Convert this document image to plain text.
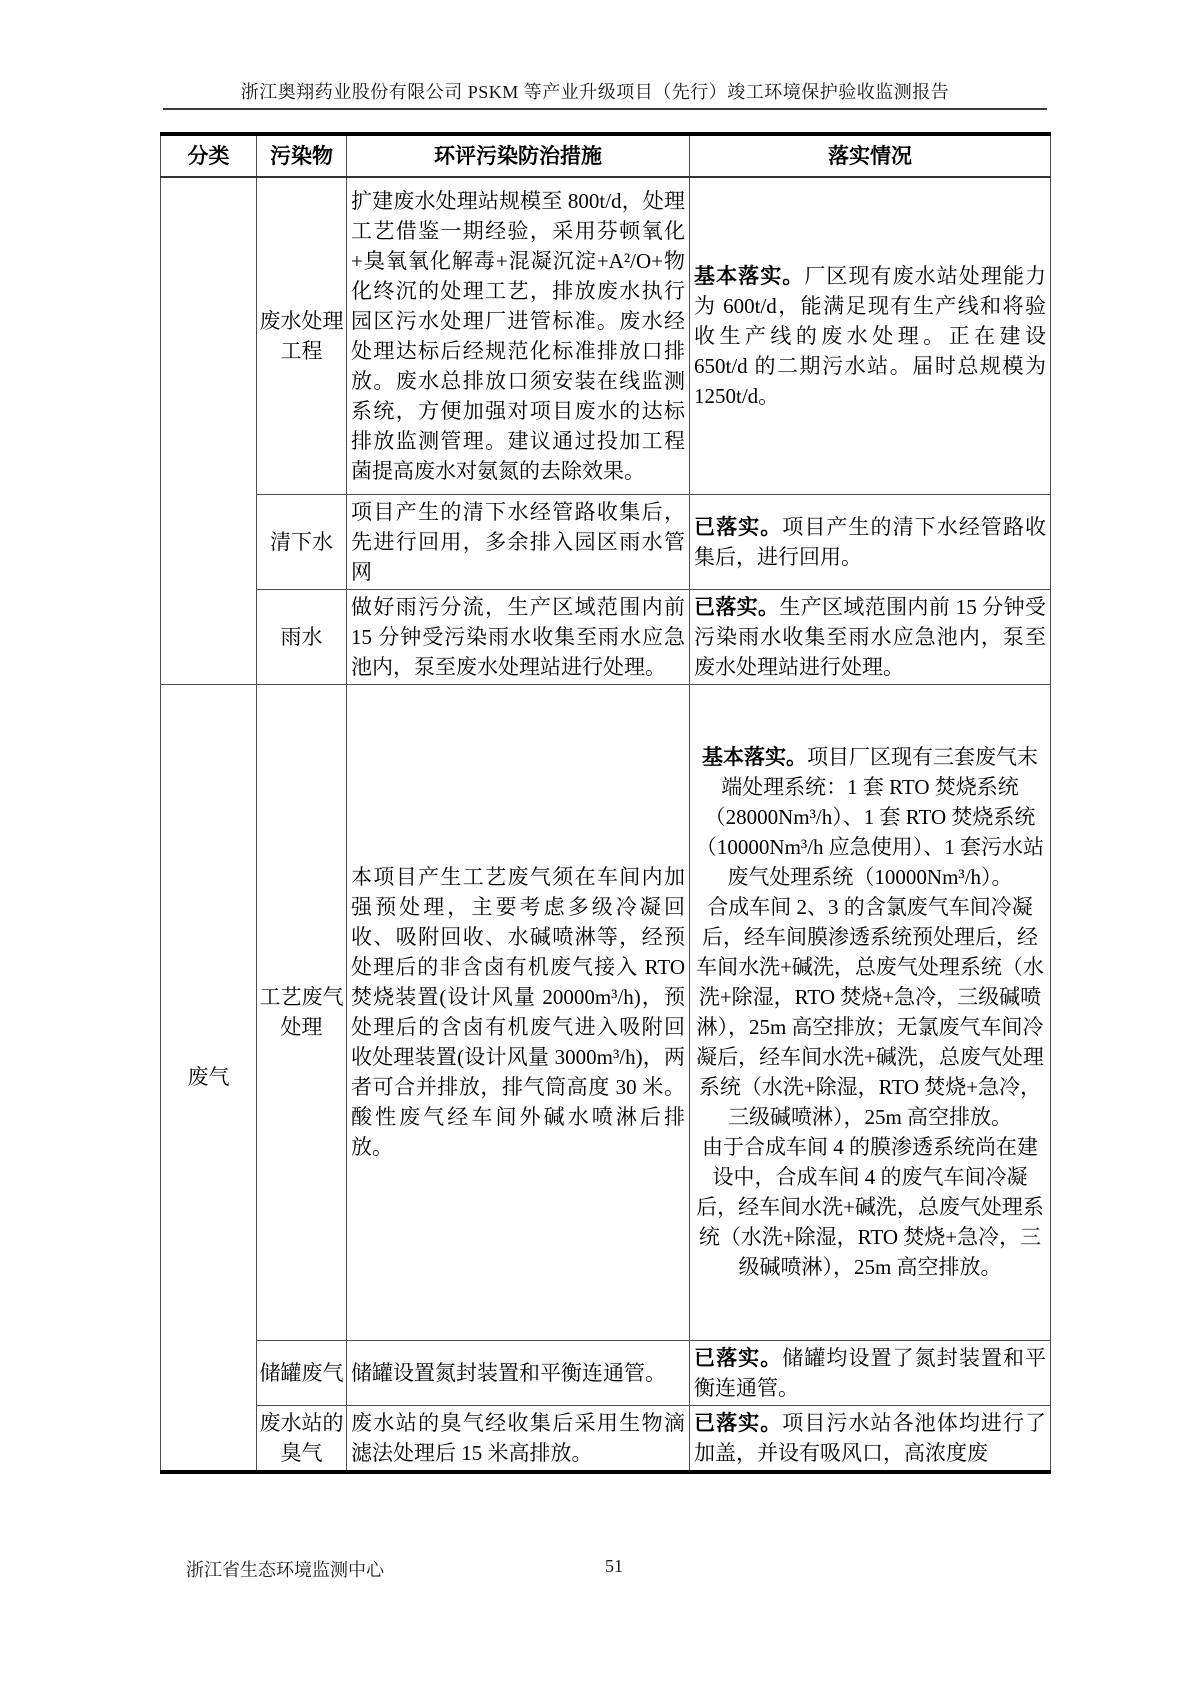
浙江奥翔药业股份有限公司 PSKM 等产业升级项目（先行）竣工环境保护验收监测报告
分类	污染物	环评污染防治措施	落实情况
	废水处理工程	扩建废水处理站规模至 800t/d，处理工艺借鉴一期经验，采用芬顿氧化+臭氧氧化解毒+混凝沉淀+A²/O+物化终沉的处理工艺，排放废水执行园区污水处理厂进管标准。废水经处理达标后经规范化标准排放口排放。废水总排放口须安装在线监测系统，方便加强对项目废水的达标排放监测管理。建议通过投加工程菌提高废水对氨氮的去除效果。	基本落实。厂区现有废水站处理能力为 600t/d，能满足现有生产线和将验收生产线的废水处理。正在建设 650t/d 的二期污水站。届时总规模为 1250t/d。
	清下水	项目产生的清下水经管路收集后，先进行回用，多余排入园区雨水管网	已落实。项目产生的清下水经管路收集后，进行回用。
	雨水	做好雨污分流，生产区域范围内前 15 分钟受污染雨水收集至雨水应急池内，泵至废水处理站进行处理。	已落实。生产区域范围内前 15 分钟受污染雨水收集至雨水应急池内，泵至废水处理站进行处理。
废气	工艺废气处理	本项目产生工艺废气须在车间内加强预处理，主要考虑多级冷凝回收、吸附回收、水碱喷淋等，经预处理后的非含卤有机废气接入 RTO 焚烧装置(设计风量 20000m³/h)，预处理后的含卤有机废气进入吸附回收处理装置(设计风量 3000m³/h)，两者可合并排放，排气筒高度 30 米。酸性废气经车间外碱水喷淋后排放。	基本落实。项目厂区现有三套废气末端处理系统：1 套 RTO 焚烧系统（28000Nm³/h）、1 套 RTO 焚烧系统（10000Nm³/h 应急使用）、1 套污水站废气处理系统（10000Nm³/h）。

合成车间 2、3 的含氯废气车间冷凝后，经车间膜渗透系统预处理后，经车间水洗+碱洗，总废气处理系统（水洗+除湿，RTO 焚烧+急冷，三级碱喷淋），25m 高空排放；无氯废气车间冷凝后，经车间水洗+碱洗，总废气处理系统（水洗+除湿，RTO 焚烧+急冷，三级碱喷淋），25m 高空排放。

由于合成车间 4 的膜渗透系统尚在建设中，合成车间 4 的废气车间冷凝后，经车间水洗+碱洗，总废气处理系统（水洗+除湿，RTO 焚烧+急冷，三级碱喷淋），25m 高空排放。

	储罐废气	储罐设置氮封装置和平衡连通管。	已落实。储罐均设置了氮封装置和平衡连通管。
	废水站的臭气	废水站的臭气经收集后采用生物滴滤法处理后 15 米高排放。	已落实。项目污水站各池体均进行了加盖，并设有吸风口，高浓度废
浙江省生态环境监测中心	51
